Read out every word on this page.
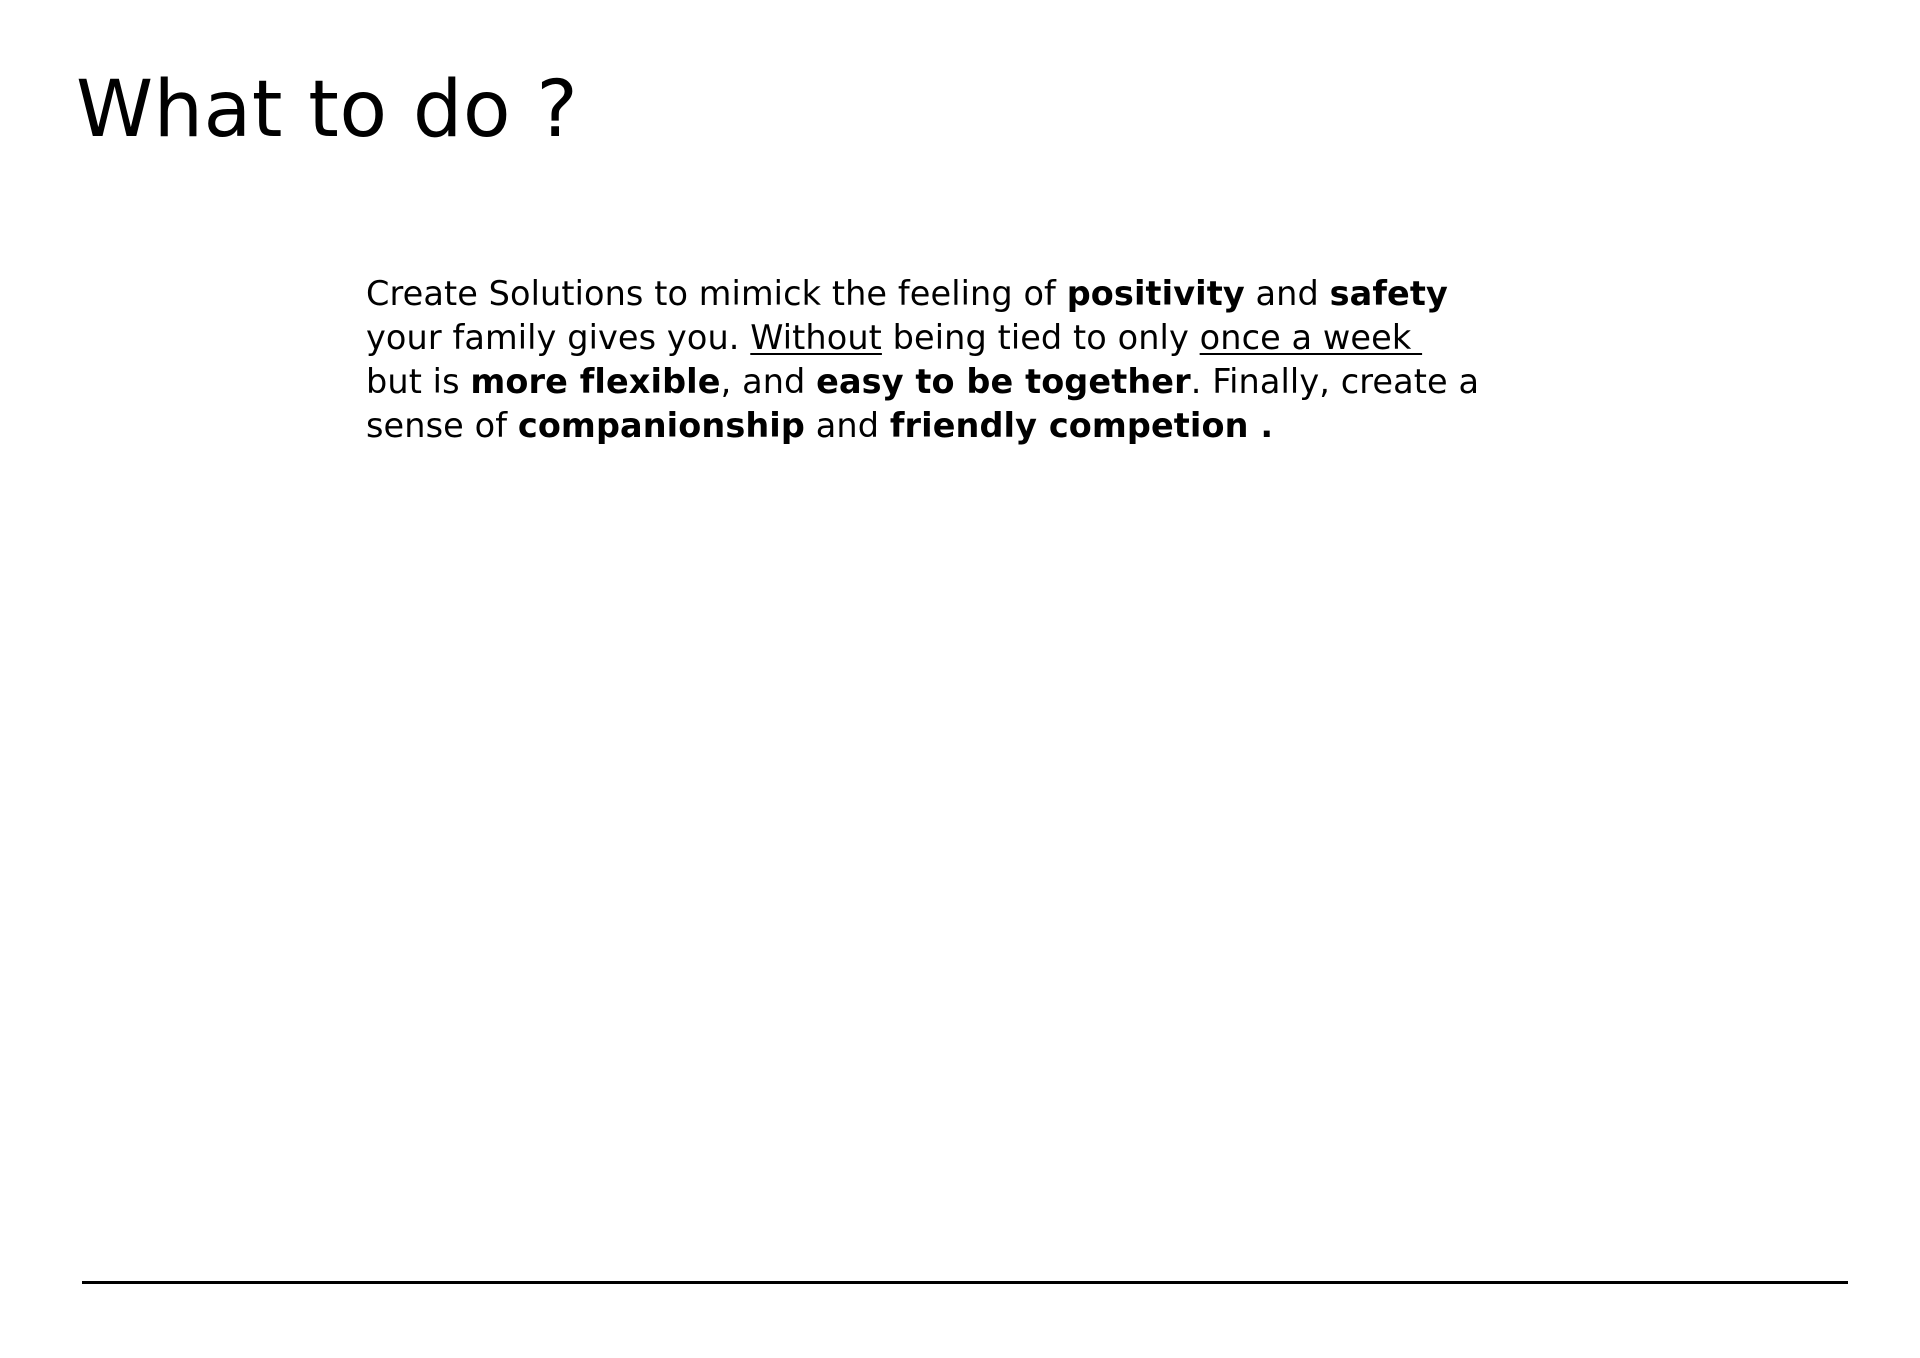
What to do ?

Create Solutions to mimick the feeling of positivity and safety
your family gives you. Without being tied to only once a week
but is more flexible, and easy to be together. Finally, create a
sense of companionship and friendly competion .
